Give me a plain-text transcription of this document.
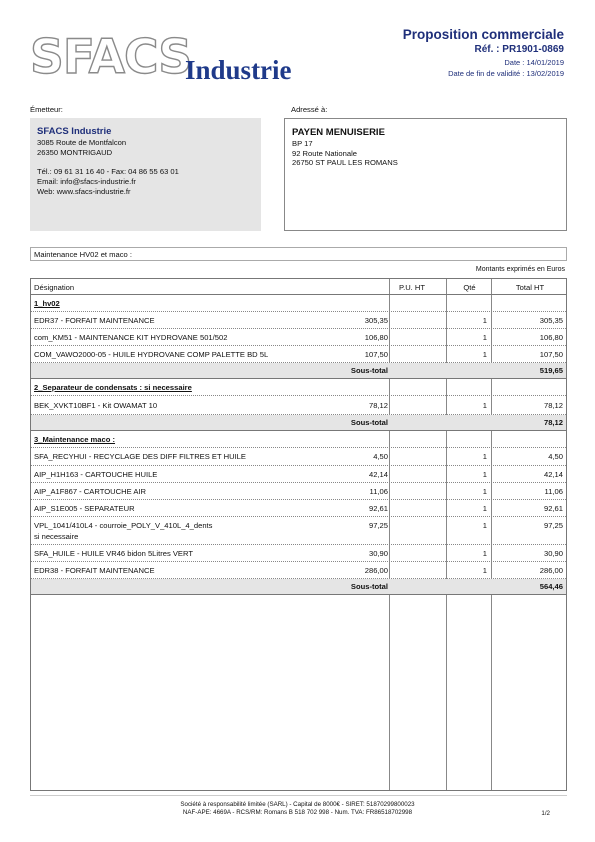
SFACS
Industrie
Proposition commerciale
Réf. : PR1901-0869
Date : 14/01/2019
Date de fin de validité : 13/02/2019
Émetteur:	Adressé à:
SFACS Industrie
3085 Route de Montfalcon
26350 MONTRIGAUD
Tél.: 09 61 31 16 40 - Fax: 04 86 55 63 01
Email: info@sfacs-industrie.fr
Web: www.sfacs-industrie.fr
PAYEN MENUISERIE
BP 17
92 Route Nationale
26750 ST PAUL LES ROMANS
Maintenance HV02 et maco :
Montants exprimés en Euros
Désignation	P.U. HT	Qté	Total HT
1_hv02
EDR37 - FORFAIT MAINTENANCE	305,35	1	305,35
com_KM51 - MAINTENANCE KIT HYDROVANE 501/502	106,80	1	106,80
COM_VAWO2000-05 - HUILE HYDROVANE COMP PALETTE BD 5L	107,50	1	107,50
Sous-total	519,65
2_Separateur de condensats : si necessaire
BEK_XVKT10BF1 - Kit OWAMAT 10	78,12	1	78,12
Sous-total	78,12
3_Maintenance maco :
SFA_RECYHUI - RECYCLAGE DES DIFF FILTRES ET HUILE	4,50	1	4,50
AIP_H1H163 - CARTOUCHE HUILE	42,14	1	42,14
AIP_A1F867 - CARTOUCHE AIR	11,06	1	11,06
AIP_S1E005 - SEPARATEUR	92,61	1	92,61
VPL_1041/410L4 - courroie_POLY_V_410L_4_dents
si necessaire
97,25	1	97,25
SFA_HUILE - HUILE VR46 bidon 5Litres VERT	30,90	1	30,90
EDR38 - FORFAIT MAINTENANCE	286,00	1	286,00
Sous-total	564,46
Société à responsabilité limitée (SARL) - Capital de 8000€ - SIRET: 51870299800023
NAF-APE: 4669A - RCS/RM: Romans B 518 702 998 - Num. TVA: FR86518702998	1/2
